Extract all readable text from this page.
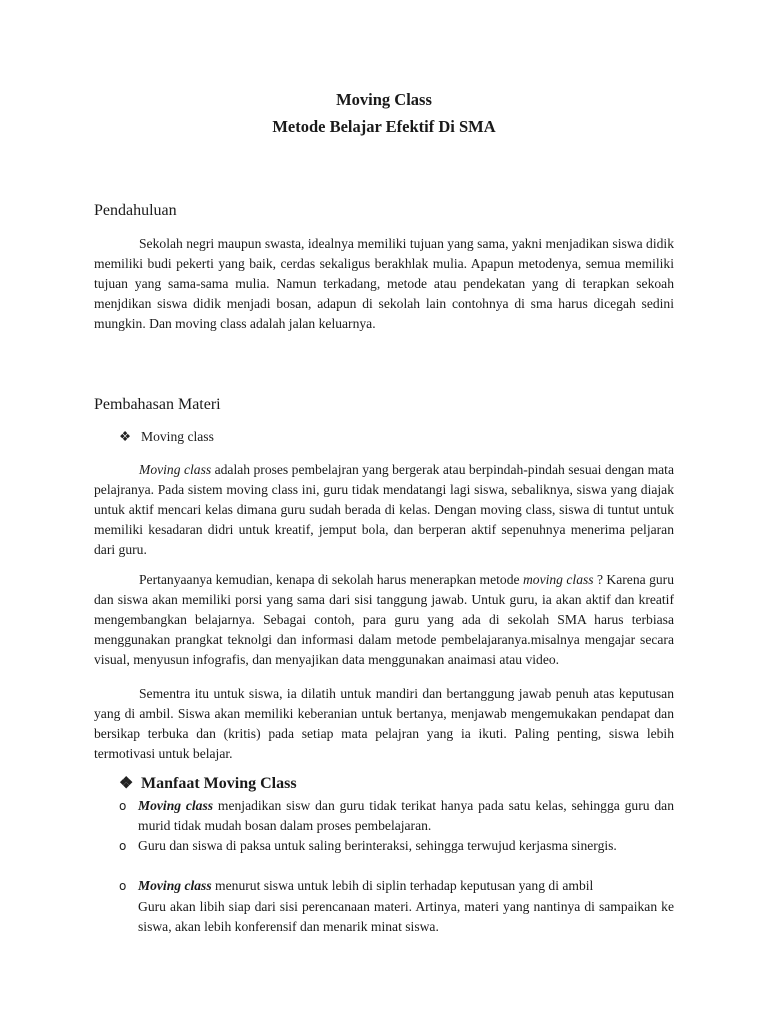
Moving Class
Metode Belajar Efektif Di SMA
Pendahuluan
Sekolah negri maupun swasta, idealnya memiliki tujuan yang sama, yakni menjadikan siswa didik memiliki budi pekerti yang baik, cerdas sekaligus berakhlak mulia. Apapun metodenya, semua memiliki tujuan yang sama-sama mulia. Namun terkadang, metode atau pendekatan yang di terapkan sekoah menjdikan siswa didik menjadi bosan, adapun di sekolah lain contohnya di sma harus dicegah sedini mungkin. Dan moving class adalah jalan keluarnya.
Pembahasan Materi
❖ Moving class
Moving class adalah proses pembelajran yang bergerak atau berpindah-pindah sesuai dengan mata pelajranya. Pada sistem moving class ini, guru tidak mendatangi lagi siswa, sebaliknya, siswa yang diajak untuk aktif mencari kelas dimana guru sudah berada di kelas. Dengan moving class, siswa di tuntut untuk memiliki kesadaran didri untuk kreatif, jemput bola, dan berperan aktif sepenuhnya menerima peljaran dari guru.
Pertanyaanya kemudian, kenapa di sekolah harus menerapkan metode moving class ? Karena guru dan siswa akan memiliki porsi yang sama dari sisi tanggung jawab. Untuk guru, ia akan aktif dan kreatif mengembangkan belajarnya. Sebagai contoh, para guru yang ada di sekolah SMA harus terbiasa menggunakan prangkat teknolgi dan informasi dalam metode pembelajaranya.misalnya mengajar secara visual, menyusun infografis, dan menyajikan data menggunakan anaimasi atau video.
Sementra itu untuk siswa, ia dilatih untuk mandiri dan bertanggung jawab penuh atas keputusan yang di ambil. Siswa akan memiliki keberanian untuk bertanya, menjawab mengemukakan pendapat dan bersikap terbuka dan (kritis) pada setiap mata pelajran yang ia ikuti. Paling penting, siswa lebih termotivasi untuk belajar.
❖ Manfaat Moving Class
o Moving class menjadikan sisw dan guru tidak terikat hanya pada satu kelas, sehingga guru dan murid tidak mudah bosan dalam proses pembelajaran.
o Guru dan siswa di paksa untuk saling berinteraksi, sehingga terwujud kerjasma sinergis.
o Moving class menurut siswa untuk lebih di siplin terhadap keputusan yang di ambil
Guru akan libih siap dari sisi perencanaan materi. Artinya, materi yang nantinya di sampaikan ke siswa, akan lebih konferensif dan menarik minat siswa.
